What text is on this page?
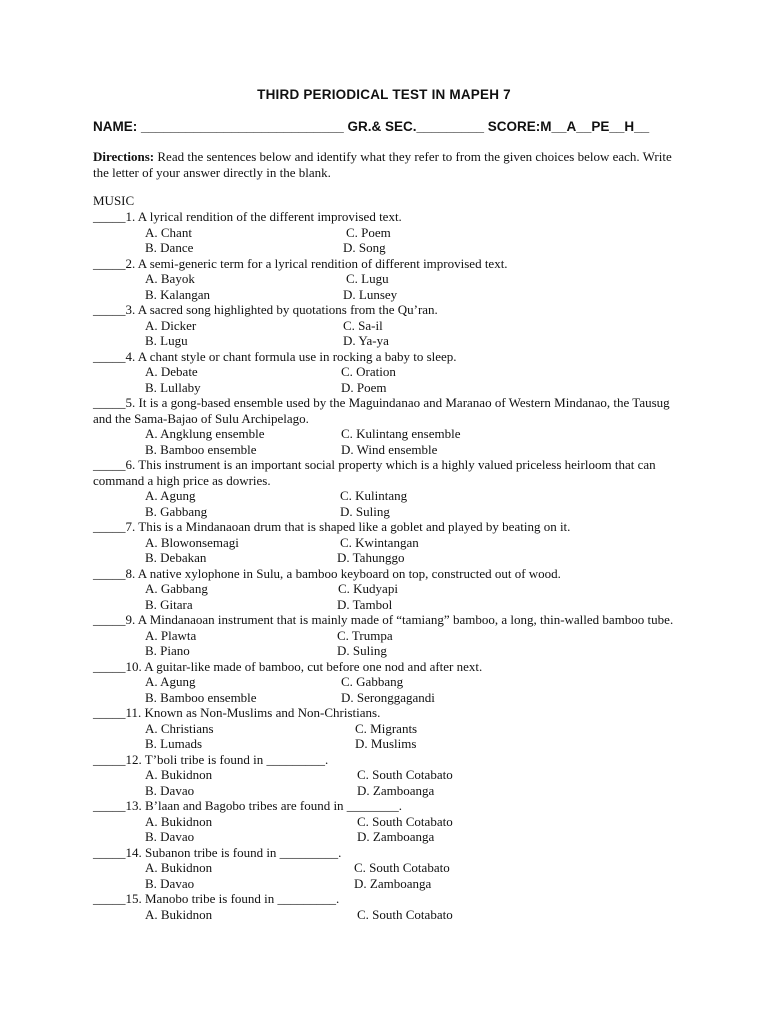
THIRD PERIODICAL TEST IN MAPEH 7
NAME: ___________________________ GR.& SEC._________ SCORE:M__A__PE__H__
Directions: Read the sentences below and identify what they refer to from the given choices below each. Write the letter of your answer directly in the blank.
MUSIC
_____1. A lyrical rendition of the different improvised text.
A. Chant
B. Dance
C. Poem
D. Song
_____2. A semi-generic term for a lyrical rendition of different improvised text.
A. Bayok
B. Kalangan
C. Lugu
D. Lunsey
_____3. A sacred song highlighted by quotations from the Qu’ran.
A. Dicker
B. Lugu
C. Sa-il
D. Ya-ya
_____4. A chant style or chant formula use in rocking a baby to sleep.
A. Debate
B. Lullaby
C. Oration
D. Poem
_____5. It is a gong-based ensemble used by the Maguindanao and Maranao of Western Mindanao, the Tausug and the Sama-Bajao of Sulu Archipelago.
A. Angklung ensemble
B. Bamboo ensemble
C. Kulintang ensemble
D. Wind ensemble
_____6. This instrument is an important social property which is a highly valued priceless heirloom that can command a high price as dowries.
A. Agung
B. Gabbang
C. Kulintang
D. Suling
_____7. This is a Mindanaoan drum that is shaped like a goblet and played by beating on it.
A. Blowonsemagi
B. Debakan
C. Kwintangan
D. Tahunggo
_____8. A native xylophone in Sulu, a bamboo keyboard on top, constructed out of wood.
A. Gabbang
B. Gitara
C. Kudyapi
D. Tambol
_____9. A Mindanaoan instrument that is mainly made of “tamiang” bamboo, a long, thin-walled bamboo tube.
A. Plawta
B. Piano
C. Trumpa
D. Suling
_____10. A guitar-like made of bamboo, cut before one nod and after next.
A. Agung
B. Bamboo ensemble
C. Gabbang
D. Seronggagandi
_____11. Known as Non-Muslims and Non-Christians.
A. Christians
B. Lumads
C. Migrants
D. Muslims
_____12. T’boli tribe is found in _________.
A. Bukidnon
B. Davao
C. South Cotabato
D. Zamboanga
_____13. B’laan and Bagobo tribes are found in ________.
A. Bukidnon
B. Davao
C. South Cotabato
D. Zamboanga
_____14. Subanon tribe is found in _________.
A. Bukidnon
B. Davao
C. South Cotabato
D. Zamboanga
_____15. Manobo tribe is found in _________.
A. Bukidnon	C. South Cotabato
